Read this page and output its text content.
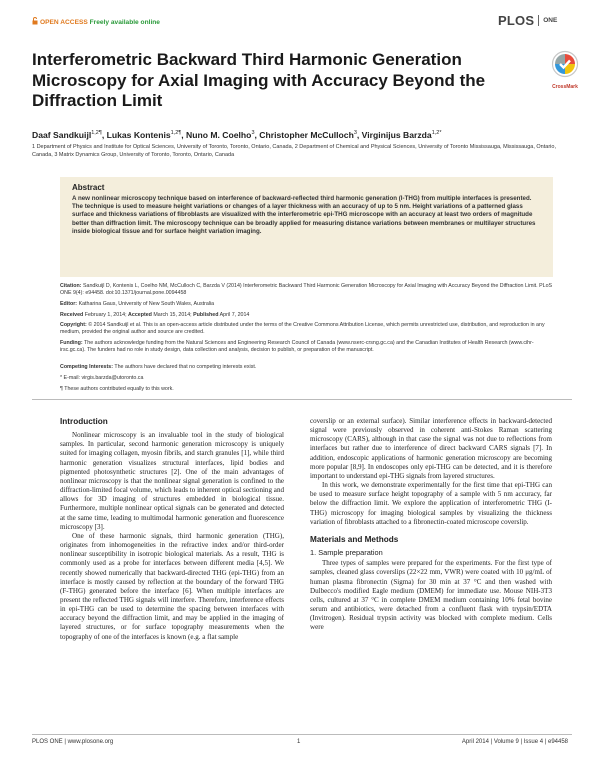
OPEN ACCESS Freely available online	PLOS ONE
Interferometric Backward Third Harmonic Generation Microscopy for Axial Imaging with Accuracy Beyond the Diffraction Limit
CrossMark
Daaf Sandkuijl$^{1,2\P}$, Lukas Kontenis$^{1,2\P}$, Nuno M. Coelho$^3$, Christopher McCulloch$^3$, Virginijus Barzda$^{1,2*}$
1 Department of Physics and Institute for Optical Sciences, University of Toronto, Toronto, Ontario, Canada, 2 Department of Chemical and Physical Sciences, University of Toronto Mississauga, Mississauga, Ontario, Canada, 3 Matrix Dynamics Group, University of Toronto, Toronto, Ontario, Canada
Abstract
A new nonlinear microscopy technique based on interference of backward-reflected third harmonic generation (I-THG) from multiple interfaces is presented. The technique is used to measure height variations or changes of a layer thickness with an accuracy of up to 5 nm. Height variations of a patterned glass surface and thickness variations of fibroblasts are visualized with the interferometric epi-THG microscope with an accuracy at least two orders of magnitude better than diffraction limit. The microscopy technique can be broadly applied for measuring distance variations between membranes or multilayer structures inside biological tissue and for surface height variation imaging.
Citation: Sandkuijl D, Kontenis L, Coelho NM, McCulloch C, Barzda V (2014) Interferometric Backward Third Harmonic Generation Microscopy for Axial Imaging with Accuracy Beyond the Diffraction Limit. PLoS ONE 9(4): e94458. doi:10.1371/journal.pone.0094458
Editor: Katharina Gaus, University of New South Wales, Australia
Received February 1, 2014; Accepted March 15, 2014; Published April 7, 2014
Copyright: © 2014 Sandkuijl et al. This is an open-access article distributed under the terms of the Creative Commons Attribution License, which permits unrestricted use, distribution, and reproduction in any medium, provided the original author and source are credited.
Funding: The authors acknowledge funding from the Natural Sciences and Engineering Research Council of Canada (www.nserc-crsng.gc.ca) and the Canadian Institutes of Health Research (www.cihr-irsc.gc.ca). The funders had no role in study design, data collection and analysis, decision to publish, or preparation of the manuscript.
Competing Interests: The authors have declared that no competing interests exist.
* E-mail: virgis.barzda@utoronto.ca
¶ These authors contributed equally to this work.
Introduction

Nonlinear microscopy is an invaluable tool in the study of biological samples. In particular, second harmonic generation microscopy is uniquely suited for imaging collagen, myosin fibrils, and starch granules [1], while third harmonic generation visualizes structural interfaces, lipid bodies and pigmented photosynthetic structures [2]. One of the main advantages of nonlinear microscopy is that the nonlinear signal generation is confined to the diffraction-limited focal volume, which leads to inherent optical sectioning and allows for 3D imaging of structures embedded in biological tissue. Furthermore, multiple nonlinear optical signals can be generated and detected at the same time, leading to multimodal harmonic generation and fluorescence microscopy [3].

One of these harmonic signals, third harmonic generation (THG), originates from inhomogeneities in the refractive index and/or third-order nonlinear susceptibility in isotropic biological materials. As a result, THG is commonly used as a probe for interfaces between different media [4,5]. We recently showed numerically that backward-directed THG (epi-THG) from an interface is mostly caused by reflection at the boundary of the forward THG (F-THG) generated before the interface [6]. When multiple interfaces are present the reflected THG signals will interfere. Therefore, interference effects in epi-THG can be used to determine the spacing between interfaces with accuracy beyond the diffraction limit, and may be applied in the imaging of layered structures, or for surface topography measurements when the topography of one of the interfaces is known (e.g. a flat sample

coverslip or an external surface). Similar interference effects in backward-detected signal were previously observed in coherent anti-Stokes Raman scattering microscopy (CARS), although in that case the signal was not due to reflections from interfaces but rather due to interference of direct backward CARS signals [7]. In addition, endoscopic applications of harmonic generation microscopy are becoming more popular [8,9]. In endoscopes only epi-THG can be detected, and it is therefore important to understand epi-THG signals from layered structures.

In this work, we demonstrate experimentally for the first time that epi-THG can be used to measure surface height topography of a sample with 5 nm accuracy, far below the diffraction limit. We explore the application of interferometric THG (I-THG) microscopy for imaging biological samples by visualizing the thickness variation of fibroblasts attached to a fibronectin-coated microscope coverslip.

Materials and Methods
1. Sample preparation

Three types of samples were prepared for the experiments. For the first type of samples, cleaned glass coverslips (22×22 mm, VWR) were coated with 10 μg/mL of human plasma fibronectin (Sigma) for 30 min at 37 °C and then washed with Dulbecco's modified Eagle medium (DMEM) for immediate use. Mouse NIH-3T3 cells, cultured at 37 °C in complete DMEM medium containing 10% fetal bovine serum and antibiotics, were detached from a confluent flask with trypsin/EDTA (Invitrogen). Residual trypsin activity was blocked with complete medium. Cells were

PLOS ONE | www.plosone.org	1	April 2014 | Volume 9 | Issue 4 | e94458
